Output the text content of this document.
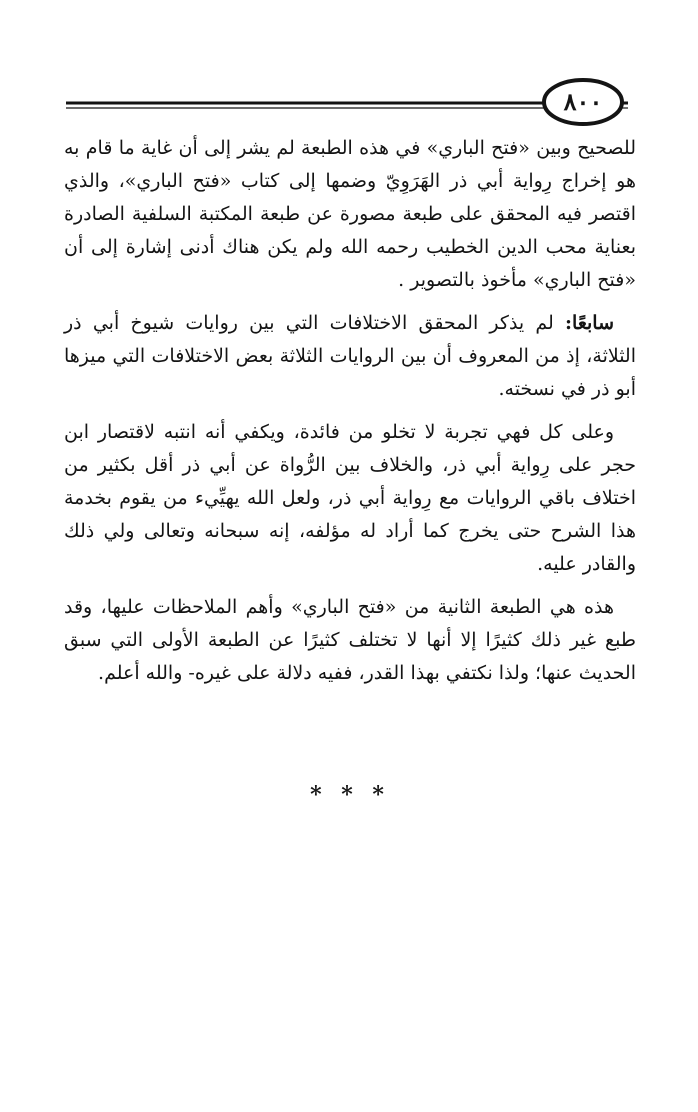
٨٠٠

للصحيح وبين «فتح الباري» في هذه الطبعة لم يشر إلى أن غاية ما قام به هو إخراج رِواية أبي ذر الهَرَوِيّ وضمها إلى كتاب «فتح الباري»، والذي اقتصر فيه المحقق على طبعة مصورة عن طبعة المكتبة السلفية الصادرة بعناية محب الدين الخطيب رحمه الله ولم يكن هناك أدنى إشارة إلى أن «فتح الباري» مأخوذ بالتصوير .

سابعًا: لم يذكر المحقق الاختلافات التي بين روايات شيوخ أبي ذر الثلاثة، إذ من المعروف أن بين الروايات الثلاثة بعض الاختلافات التي ميزها أبو ذر في نسخته.

وعلى كل فهي تجربة لا تخلو من فائدة، ويكفي أنه انتبه لاقتصار ابن حجر على رِواية أبي ذر، والخلاف بين الرُّواة عن أبي ذر أقل بكثير من اختلاف باقي الروايات مع رِواية أبي ذر، ولعل الله يهيِّيء من يقوم بخدمة هذا الشرح حتى يخرج كما أراد له مؤلفه، إنه سبحانه وتعالى ولي ذلك والقادر عليه.

هذه هي الطبعة الثانية من «فتح الباري» وأهم الملاحظات عليها، وقد طبع غير ذلك كثيرًا إلا أنها لا تختلف كثيرًا عن الطبعة الأولى التي سبق الحديث عنها؛ ولذا نكتفي بهذا القدر، ففيه دلالة على غيره- والله أعلم.

* * *
